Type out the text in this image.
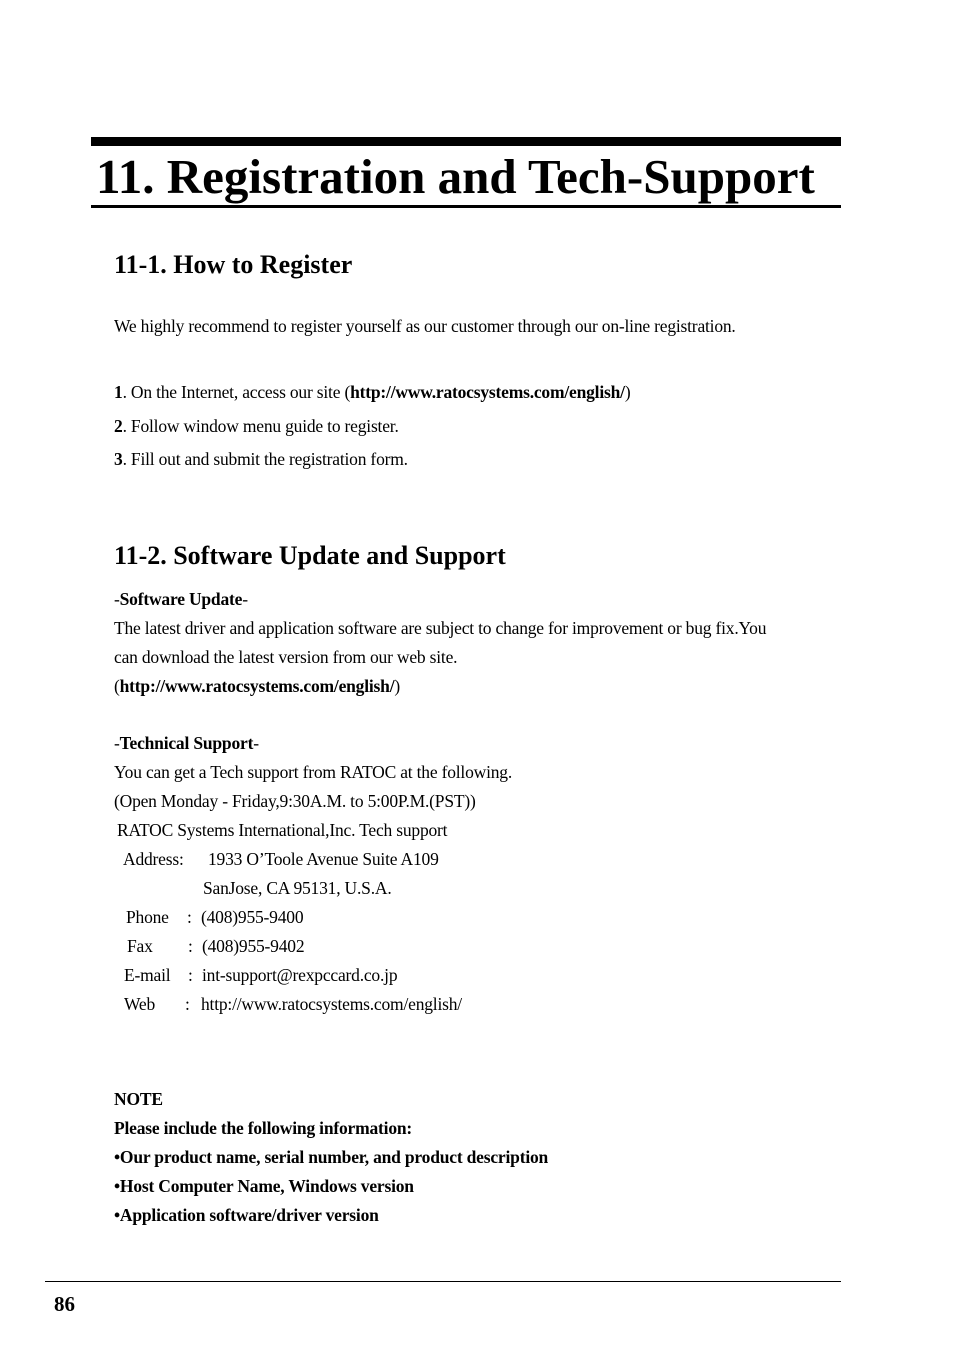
11. Registration and Tech-Support
11-1. How to Register
We highly recommend to register yourself as our customer through our on-line registration.
1. On the Internet, access our site (http://www.ratocsystems.com/english/)
2. Follow window menu guide to register.
3. Fill out and submit the registration form.
11-2. Software Update and Support
-Software Update-
The latest driver and application software are subject to change for improvement or bug fix.You
can download the latest version from our web site.
(http://www.ratocsystems.com/english/)
-Technical Support-
You can get a Tech support from RATOC at the following.
(Open Monday - Friday,9:30A.M. to 5:00P.M.(PST))
RATOC Systems International,Inc. Tech support
Address: 1933 O’Toole Avenue Suite A109
SanJose, CA 95131, U.S.A.
Phone : (408)955-9400
Fax : (408)955-9402
E-mail : int-support@rexpccard.co.jp
Web : http://www.ratocsystems.com/english/
NOTE
Please include the following information:
•Our product name, serial number, and product description
•Host Computer Name, Windows version
•Application software/driver version
86
